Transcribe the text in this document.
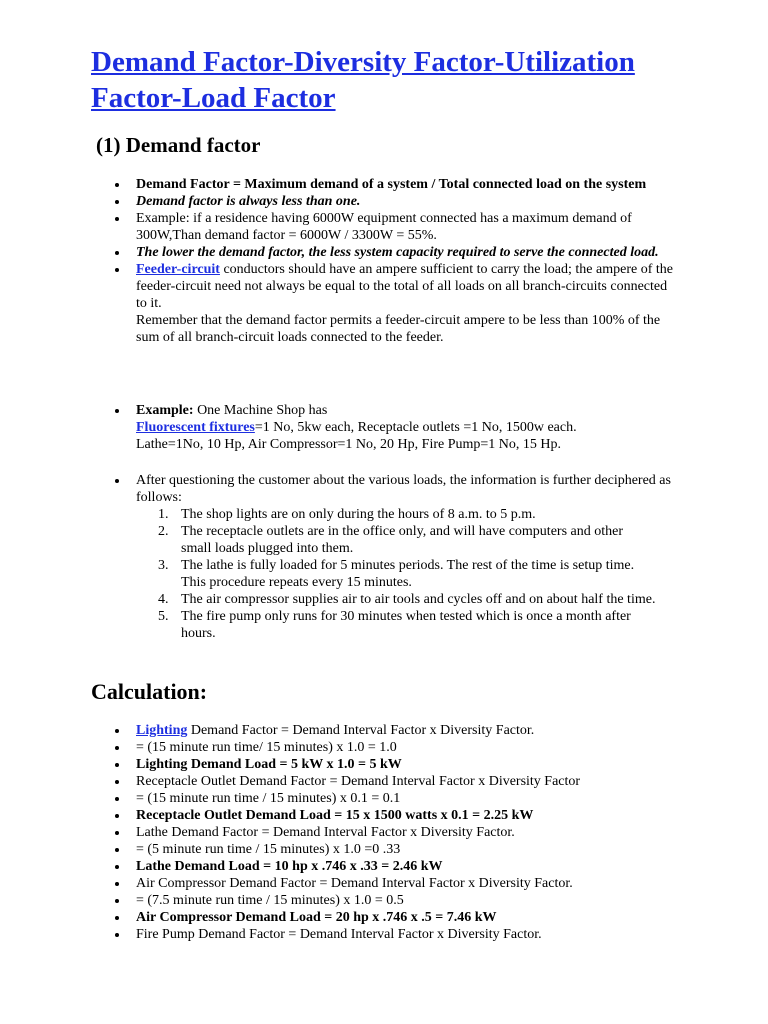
Demand Factor-Diversity Factor-Utilization Factor-Load Factor
(1) Demand factor
Demand Factor = Maximum demand of a system / Total connected load on the system
Demand factor is always less than one.
Example: if a residence having 6000W equipment connected has a maximum demand of 300W,Than demand factor = 6000W / 3300W = 55%.
The lower the demand factor, the less system capacity required to serve the connected load.
Feeder-circuit conductors should have an ampere sufficient to carry the load; the ampere of the feeder-circuit need not always be equal to the total of all loads on all branch-circuits connected to it.
Remember that the demand factor permits a feeder-circuit ampere to be less than 100% of the sum of all branch-circuit loads connected to the feeder.
Example: One Machine Shop has
Fluorescent fixtures=1 No, 5kw each, Receptacle outlets =1 No, 1500w each.
Lathe=1No, 10 Hp, Air Compressor=1 No, 20 Hp, Fire Pump=1 No, 15 Hp.
After questioning the customer about the various loads, the information is further deciphered as follows:
1. The shop lights are on only during the hours of 8 a.m. to 5 p.m.
2. The receptacle outlets are in the office only, and will have computers and other small loads plugged into them.
3. The lathe is fully loaded for 5 minutes periods. The rest of the time is setup time. This procedure repeats every 15 minutes.
4. The air compressor supplies air to air tools and cycles off and on about half the time.
5. The fire pump only runs for 30 minutes when tested which is once a month after hours.
Calculation:
Lighting Demand Factor = Demand Interval Factor x Diversity Factor.
= (15 minute run time/ 15 minutes) x 1.0 = 1.0
Lighting Demand Load = 5 kW x 1.0 = 5 kW
Receptacle Outlet Demand Factor = Demand Interval Factor x Diversity Factor
= (15 minute run time / 15 minutes) x 0.1 = 0.1
Receptacle Outlet Demand Load = 15 x 1500 watts x 0.1 = 2.25 kW
Lathe Demand Factor = Demand Interval Factor x Diversity Factor.
= (5 minute run time / 15 minutes) x 1.0 =0 .33
Lathe Demand Load = 10 hp x .746 x .33 = 2.46 kW
Air Compressor Demand Factor = Demand Interval Factor x Diversity Factor.
= (7.5 minute run time / 15 minutes) x 1.0 = 0.5
Air Compressor Demand Load = 20 hp x .746 x .5 = 7.46 kW
Fire Pump Demand Factor = Demand Interval Factor x Diversity Factor.
